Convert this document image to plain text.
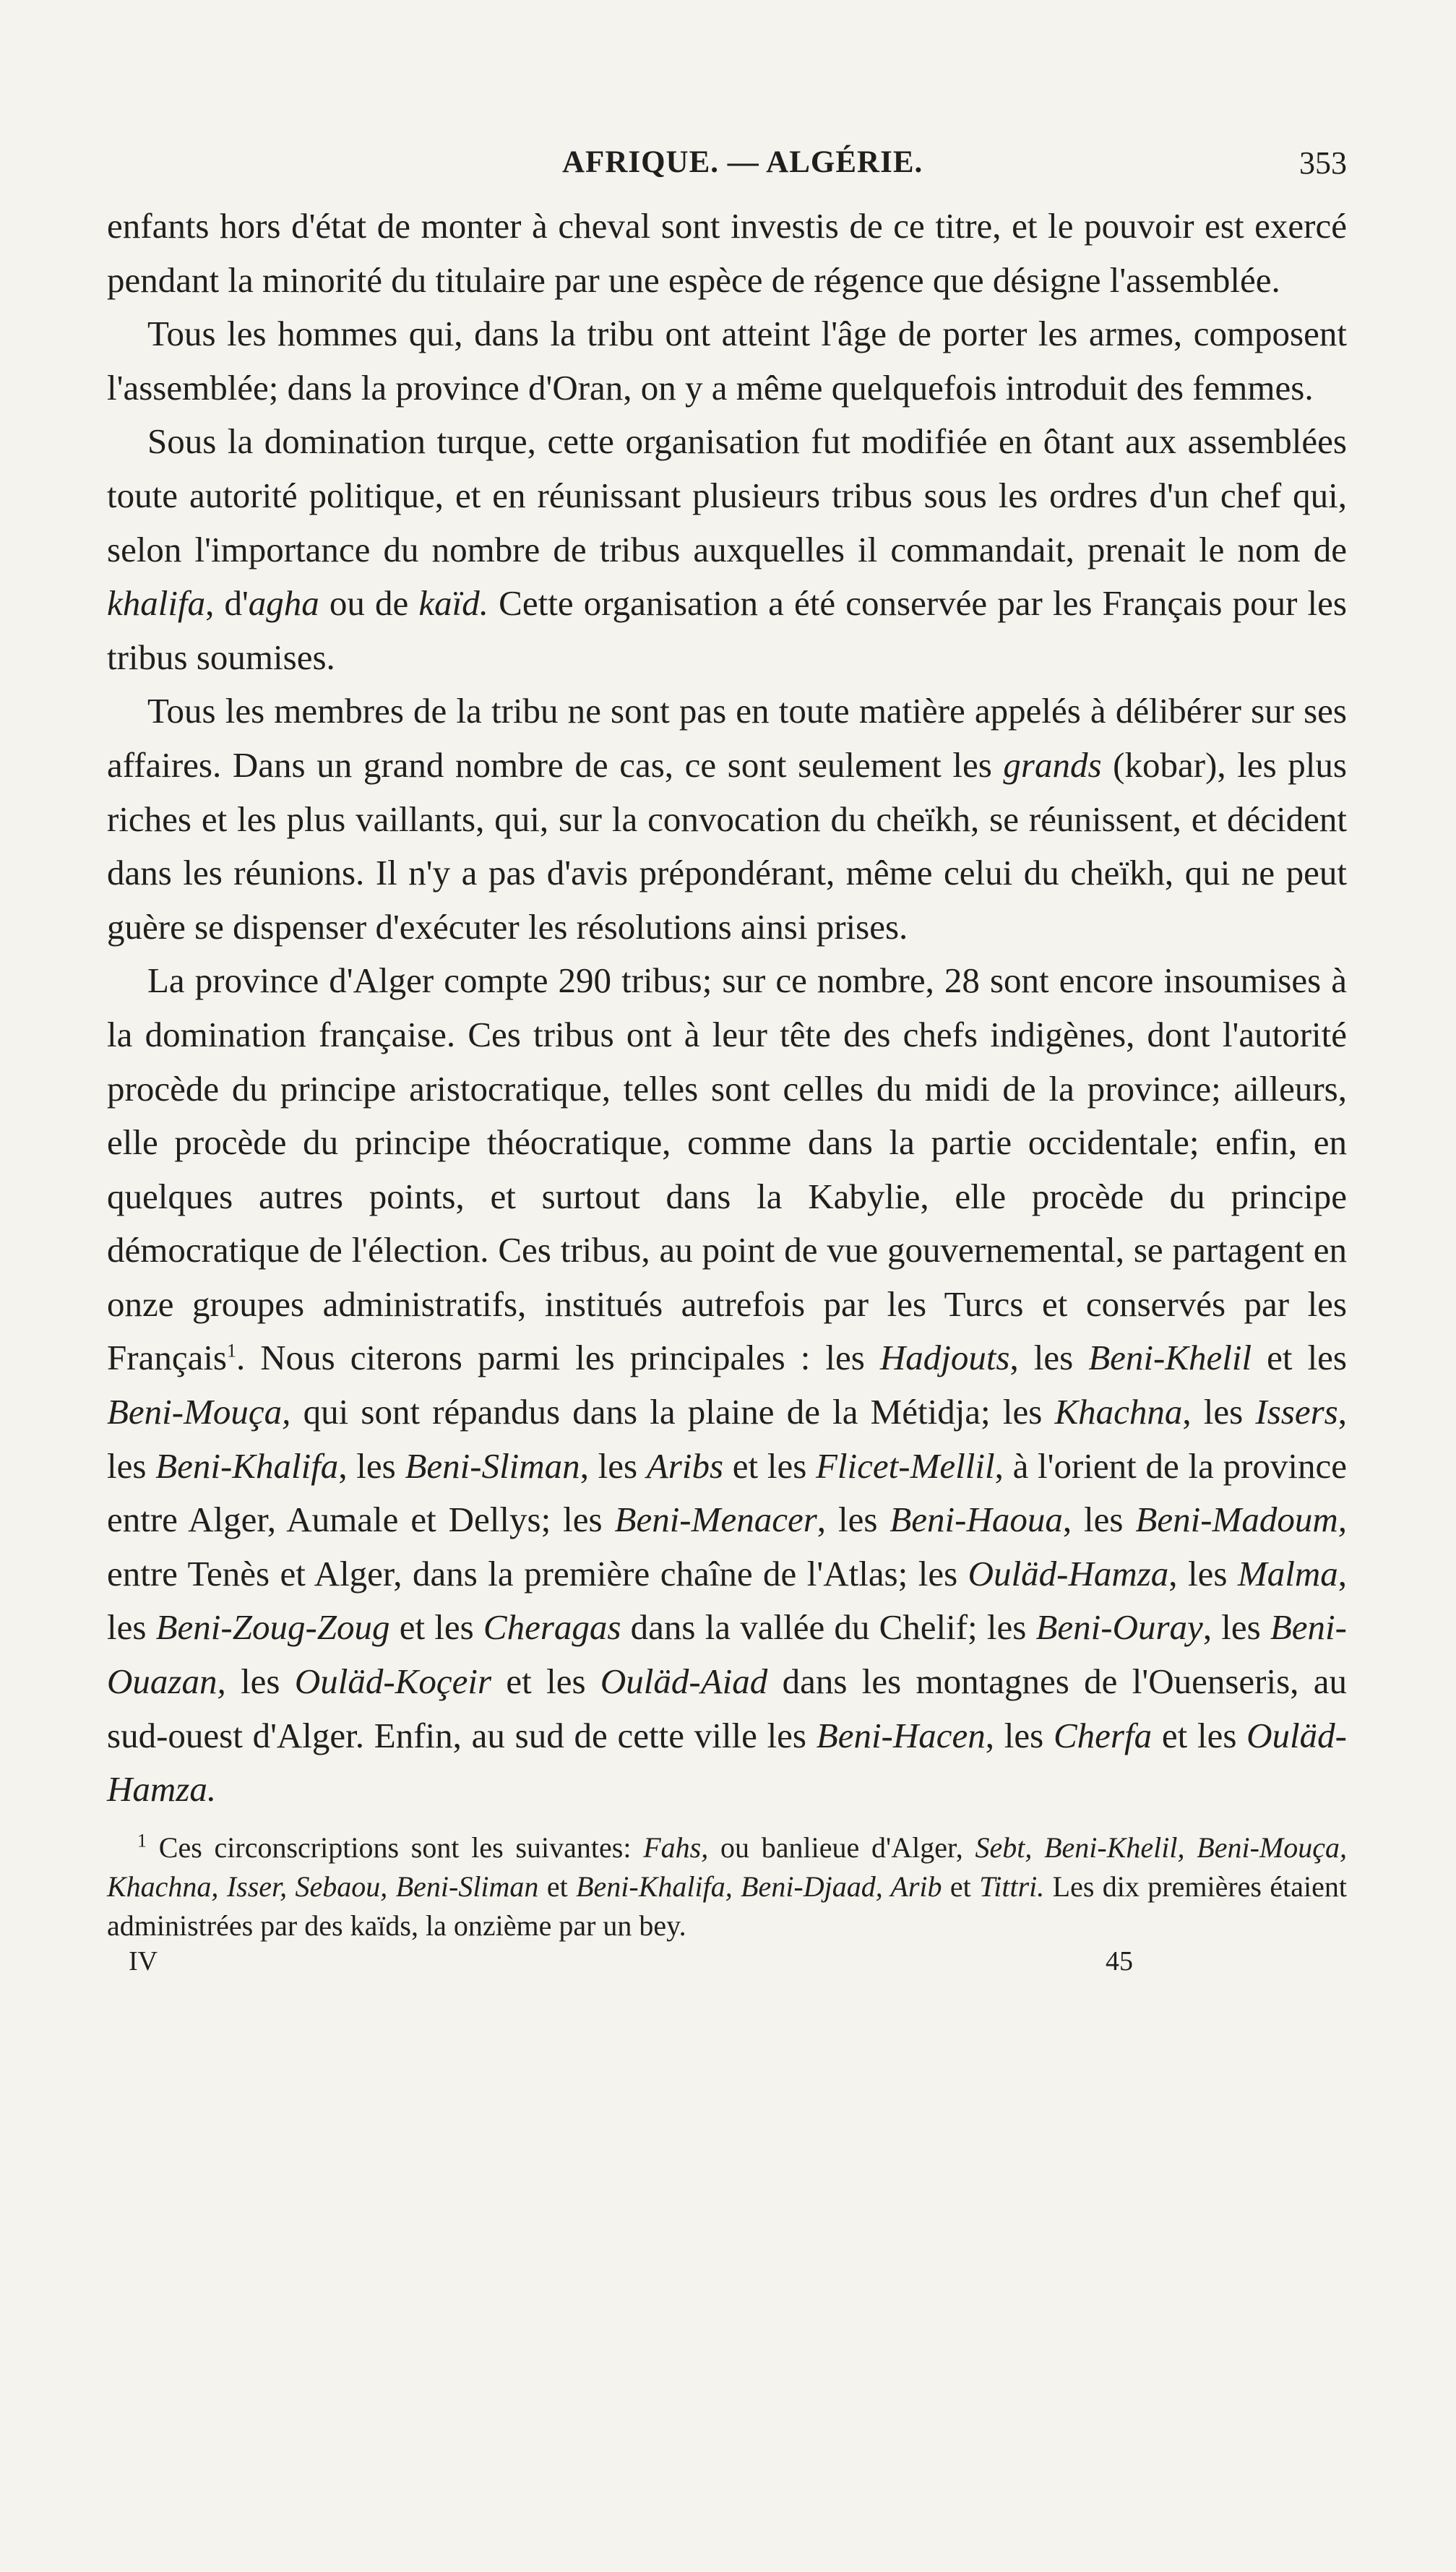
AFRIQUE. — ALGÉRIE.	353

enfants hors d'état de monter à cheval sont investis de ce titre, et le pouvoir est exercé pendant la minorité du titulaire par une espèce de régence que désigne l'assemblée.

Tous les hommes qui, dans la tribu ont atteint l'âge de porter les armes, composent l'assemblée; dans la province d'Oran, on y a même quelquefois introduit des femmes.

Sous la domination turque, cette organisation fut modifiée en ôtant aux assemblées toute autorité politique, et en réunissant plusieurs tribus sous les ordres d'un chef qui, selon l'importance du nombre de tribus auxquelles il commandait, prenait le nom de khalifa, d'agha ou de kaïd. Cette organisation a été conservée par les Français pour les tribus soumises.

Tous les membres de la tribu ne sont pas en toute matière appelés à délibérer sur ses affaires. Dans un grand nombre de cas, ce sont seulement les grands (kobar), les plus riches et les plus vaillants, qui, sur la convocation du cheïkh, se réunissent, et décident dans les réunions. Il n'y a pas d'avis prépondérant, même celui du cheïkh, qui ne peut guère se dispenser d'exécuter les résolutions ainsi prises.

La province d'Alger compte 290 tribus; sur ce nombre, 28 sont encore insoumises à la domination française. Ces tribus ont à leur tête des chefs indigènes, dont l'autorité procède du principe aristocratique, telles sont celles du midi de la province; ailleurs, elle procède du principe théocratique, comme dans la partie occidentale; enfin, en quelques autres points, et surtout dans la Kabylie, elle procède du principe démocratique de l'élection. Ces tribus, au point de vue gouvernemental, se partagent en onze groupes administratifs, institués autrefois par les Turcs et conservés par les Français$^1$. Nous citerons parmi les principales : les Hadjouts, les Beni-Khelil et les Beni-Mouça, qui sont répandus dans la plaine de la Métidja; les Khachna, les Issers, les Beni-Khalifa, les Beni-Sliman, les Aribs et les Flicet-Mellil, à l'orient de la province entre Alger, Aumale et Dellys; les Beni-Menacer, les Beni-Haoua, les Beni-Madoum, entre Tenès et Alger, dans la première chaîne de l'Atlas; les Ouläd-Hamza, les Malma, les Beni-Zoug-Zoug et les Cheragas dans la vallée du Chelif; les Beni-Ouray, les Beni-Ouazan, les Ouläd-Koçeir et les Ouläd-Aiad dans les montagnes de l'Ouenseris, au sud-ouest d'Alger. Enfin, au sud de cette ville les Beni-Hacen, les Cherfa et les Ouläd-Hamza.

$^1$ Ces circonscriptions sont les suivantes: Fahs, ou banlieue d'Alger, Sebt, Beni-Khelil, Beni-Mouça, Khachna, Isser, Sebaou, Beni-Sliman et Beni-Khalifa, Beni-Djaad, Arib et Tittri. Les dix premières étaient administrées par des kaïds, la onzième par un bey.
IV	45
